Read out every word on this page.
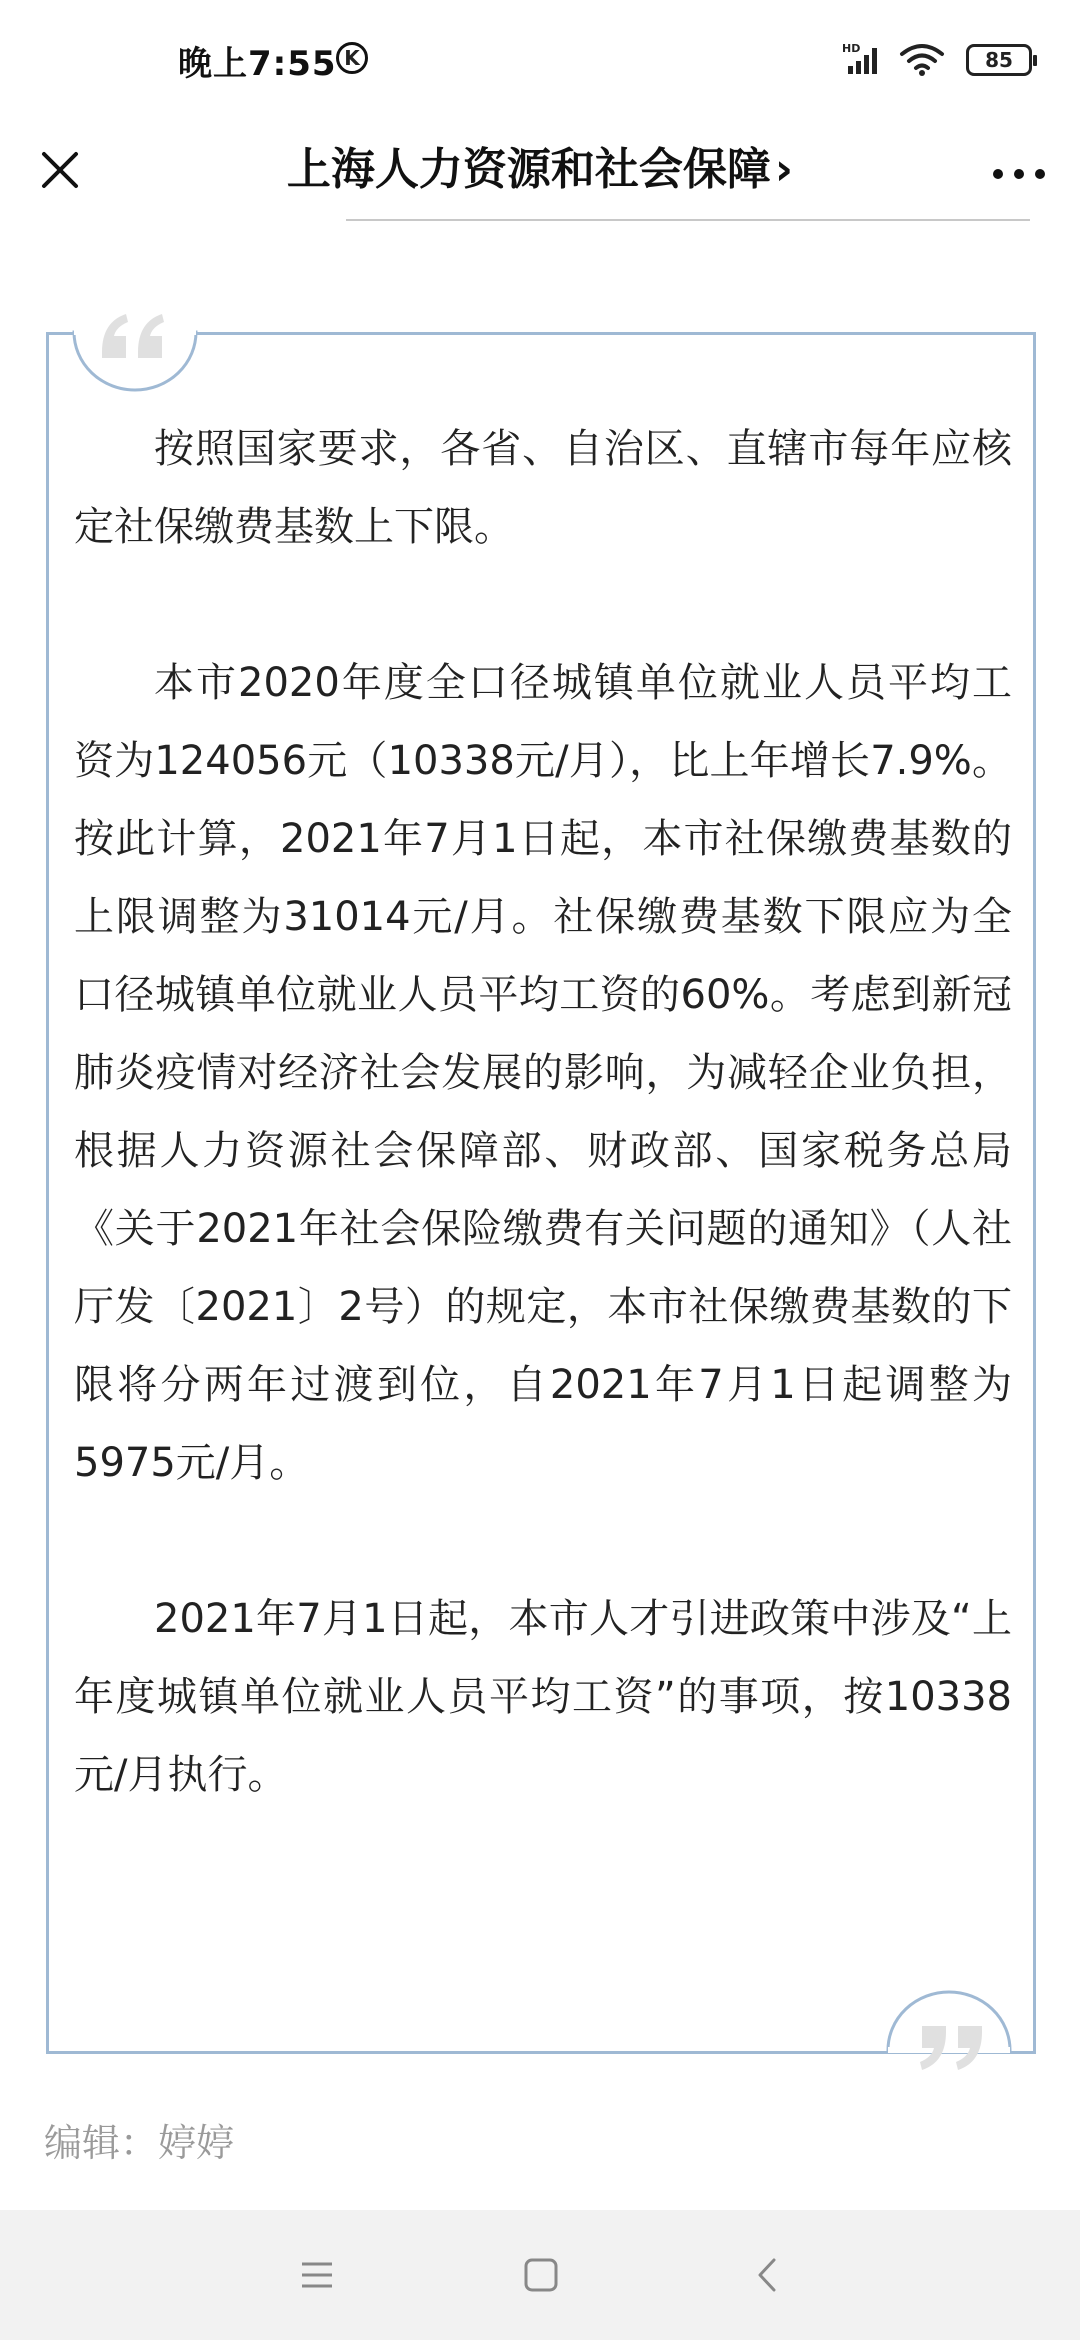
晚上7:55 K	HD	85
上海人力资源和社会保障›

按照国家要求，各省、自治区、直辖市每年应核定社保缴费基数上下限。

本市2020年度全口径城镇单位就业人员平均工资为124056元（10338元/月），比上年增长7.9%。按此计算，2021年7月1日起，本市社保缴费基数的上限调整为31014元/月。社保缴费基数下限应为全口径城镇单位就业人员平均工资的60%。考虑到新冠肺炎疫情对经济社会发展的影响，为减轻企业负担，根据人力资源社会保障部、财政部、国家税务总局《关于2021年社会保险缴费有关问题的通知》（人社厅发〔2021〕2号）的规定，本市社保缴费基数的下限将分两年过渡到位，自2021年7月1日起调整为5975元/月。

2021年7月1日起，本市人才引进政策中涉及“上年度城镇单位就业人员平均工资”的事项，按10338元/月执行。

编辑：婷婷
